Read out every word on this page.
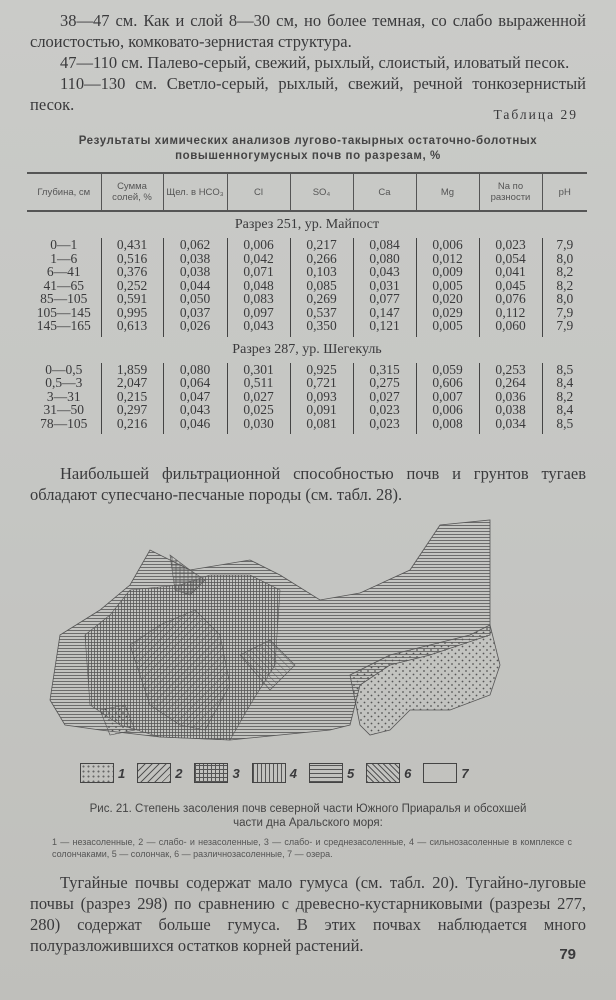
38—47 см. Как и слой 8—30 см, но более темная, со слабо выраженной слоистостью, комковато-зернистая структура.

47—110 см. Палево-серый, свежий, рыхлый, слоистый, иловатый песок.

110—130 см. Светло-серый, рыхлый, свежий, речной тонкозернистый песок.

Таблица 29
Результаты химических анализов лугово-такырных остаточно-болотных
повышенногумусных почв по разрезам, %
Глубина, см	Сумма солей, %	Щел. в HCO₃	Cl	SO₄	Ca	Mg	Na по разности	pH
Разрез 251, ур. Майпост								
0—1	0,431	0,062	0,006	0,217	0,084	0,006	0,023	7,9
1—6	0,516	0,038	0,042	0,266	0,080	0,012	0,054	8,0
6—41	0,376	0,038	0,071	0,103	0,043	0,009	0,041	8,2
41—65	0,252	0,044	0,048	0,085	0,031	0,005	0,045	8,2
85—105	0,591	0,050	0,083	0,269	0,077	0,020	0,076	8,0
105—145	0,995	0,037	0,097	0,537	0,147	0,029	0,112	7,9
145—165	0,613	0,026	0,043	0,350	0,121	0,005	0,060	7,9

Разрез 287, ур. Шегекуль								
0—0,5	1,859	0,080	0,301	0,925	0,315	0,059	0,253	8,5
0,5—3	2,047	0,064	0,511	0,721	0,275	0,606	0,264	8,4
3—31	0,215	0,047	0,027	0,093	0,027	0,007	0,036	8,2
31—50	0,297	0,043	0,025	0,091	0,023	0,006	0,038	8,4
78—105	0,216	0,046	0,030	0,081	0,023	0,008	0,034	8,5

Наибольшей фильтрационной способностью почв и грунтов тугаев обладают супесчано-песчаные породы (см. табл. 28).

1	2	3	4	5	6	7
Рис. 21. Степень засоления почв северной части Южного Приаралья и обсохшей
части дна Аральского моря:
1 — незасоленные, 2 — слабо- и незасоленные, 3 — слабо- и среднезасоленные, 4 — сильнозасоленные в комплексе с солончаками, 5 — солончак, 6 — различнозасоленные, 7 — озера.

Тугайные почвы содержат мало гумуса (см. табл. 20). Тугайно-луговые почвы (разрез 298) по сравнению с древесно-кустарниковыми (разрезы 277, 280) содержат больше гумуса. В этих почвах наблюдается много полуразложившихся остатков корней растений.	79
